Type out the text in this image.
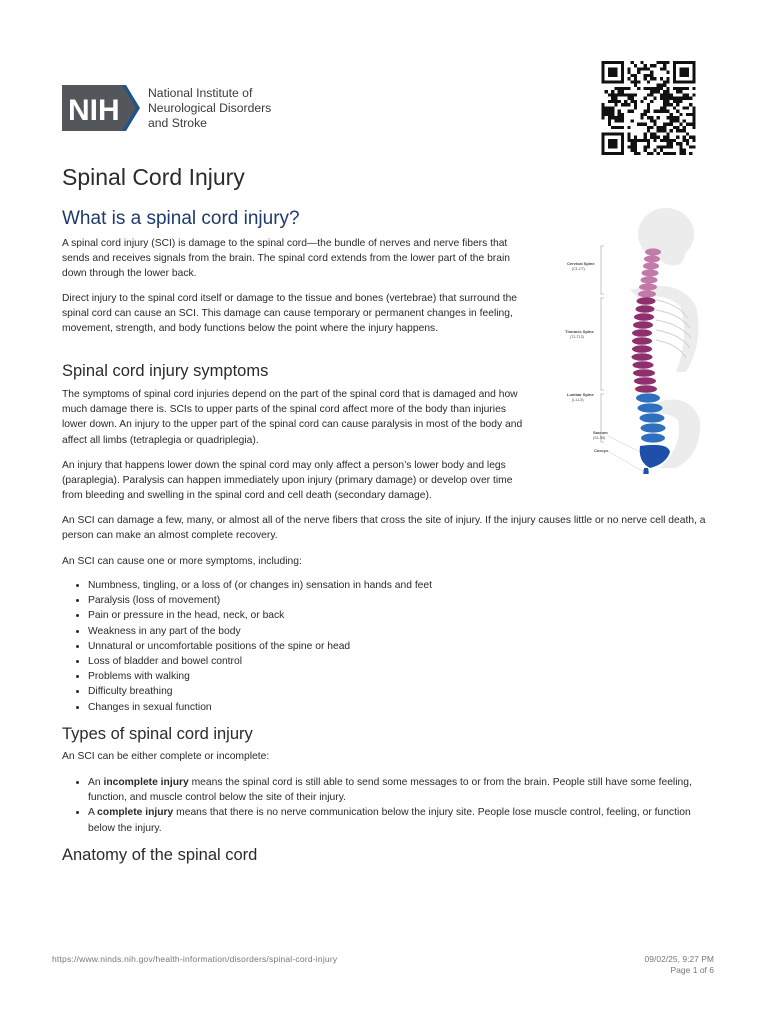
NIH
National Institute of
Neurological Disorders
and Stroke
Spinal Cord Injury
What is a spinal cord injury?

A spinal cord injury (SCI) is damage to the spinal cord—the bundle of nerves and nerve fibers that sends and receives signals from the brain. The spinal cord extends from the lower part of the brain down through the lower back.

Direct injury to the spinal cord itself or damage to the tissue and bones (vertebrae) that surround the spinal cord can cause an SCI. This damage can cause temporary or permanent changes in feeling, movement, strength, and body functions below the point where the injury happens.

Spinal cord injury symptoms

The symptoms of spinal cord injuries depend on the part of the spinal cord that is damaged and how much damage there is. SCIs to upper parts of the spinal cord affect more of the body than injuries lower down. An injury to the upper part of the spinal cord can cause paralysis in most of the body and affect all limbs (tetraplegia or quadriplegia).

An injury that happens lower down the spinal cord may only affect a person’s lower body and legs (paraplegia). Paralysis can happen immediately upon injury (primary damage) or develop over time from bleeding and swelling in the spinal cord and cell death (secondary damage).

An SCI can damage a few, many, or almost all of the nerve fibers that cross the site of injury. If the injury causes little or no nerve cell death, a person can make an almost complete recovery.

An SCI can cause one or more symptoms, including:

• Numbness, tingling, or a loss of (or changes in) sensation in hands and feet
• Paralysis (loss of movement)
• Pain or pressure in the head, neck, or back
• Weakness in any part of the body
• Unnatural or uncomfortable positions of the spine or head
• Loss of bladder and bowel control
• Problems with walking
• Difficulty breathing
• Changes in sexual function
Types of spinal cord injury

An SCI can be either complete or incomplete:

• An incomplete injury means the spinal cord is still able to send some messages to or from the brain. People still have some feeling, function, and muscle control below the site of their injury.
• A complete injury means that there is no nerve communication below the injury site. People lose muscle control, feeling, or function below the injury.
Anatomy of the spinal cord
Cervical Spine
(C1-C7)
Thoracic Spine
(T1-T12)
Lumbar Spine
(L1-L5)
Sacrum
(S1-S5)
Coccyx
https://www.ninds.nih.gov/health-information/disorders/spinal-cord-injury	09/02/25, 9:27 PM
Page 1 of 6
